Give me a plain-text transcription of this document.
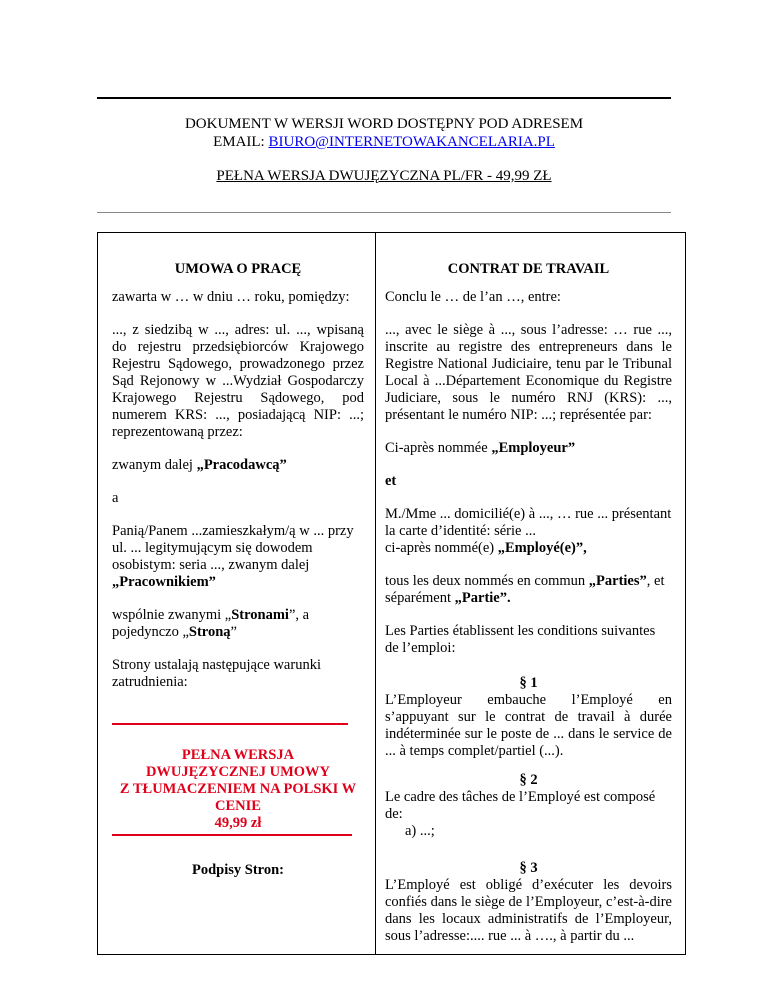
DOKUMENT W WERSJI WORD DOSTĘPNY POD ADRESEM
EMAIL: BIURO@INTERNETOWAKANCELARIA.PL
PEŁNA WERSJA DWUJĘZYCZNA PL/FR - 49,99 ZŁ
UMOWA O PRACĘ
zawarta w … w dniu … roku, pomiędzy:
..., z siedzibą w ..., adres: ul. ..., wpisaną do rejestru przedsiębiorców Krajowego Rejestru Sądowego, prowadzonego przez Sąd Rejonowy w ...Wydział Gospodarczy Krajowego Rejestru Sądowego, pod numerem KRS: ..., posiadającą NIP: ...; reprezentowaną przez:
zwanym dalej „Pracodawcą”
a
Panią/Panem ...zamieszkałym/ą w ... przy ul. ... legitymującym się dowodem osobistym: seria ..., zwanym dalej „Pracownikiem”
wspólnie zwanymi „Stronami”, a pojedynczo „Stroną”
Strony ustalają następujące warunki zatrudnienia:
PEŁNA WERSJA
DWUJĘZYCZNEJ UMOWY
Z TŁUMACZENIEM NA POLSKI W CENIE
49,99 zł
Podpisy Stron:
CONTRAT DE TRAVAIL
Conclu le … de l’an …, entre:
..., avec le siège à ..., sous l’adresse: … rue ..., inscrite au registre des entrepreneurs dans le Registre National Judiciaire, tenu par le Tribunal Local à ...Département Economique du Registre Judiciare, sous le numéro RNJ (KRS): ..., présentant le numéro NIP: ...; représentée par:
Ci-après nommée „Employeur”
et
M./Mme ... domicilié(e) à ..., … rue ... présentant
la carte d’identité: série ...
ci-après nommé(e) „Employé(e)”,
tous les deux nommés en commun „Parties”, et séparément „Partie”.
Les Parties établissent les conditions suivantes de l’emploi:
§ 1
L’Employeur embauche l’Employé en s’appuyant sur le contrat de travail à durée indéterminée sur le poste de ... dans le service de ... à temps complet/partiel (...).
§ 2
Le cadre des tâches de l’Employé est composé de:
a) ...;
§ 3
L’Employé est obligé d’exécuter les devoirs confiés dans le siège de l’Employeur, c’est-à-dire dans les locaux administratifs de l’Employeur, sous l’adresse:.... rue ... à …., à partir du ...
